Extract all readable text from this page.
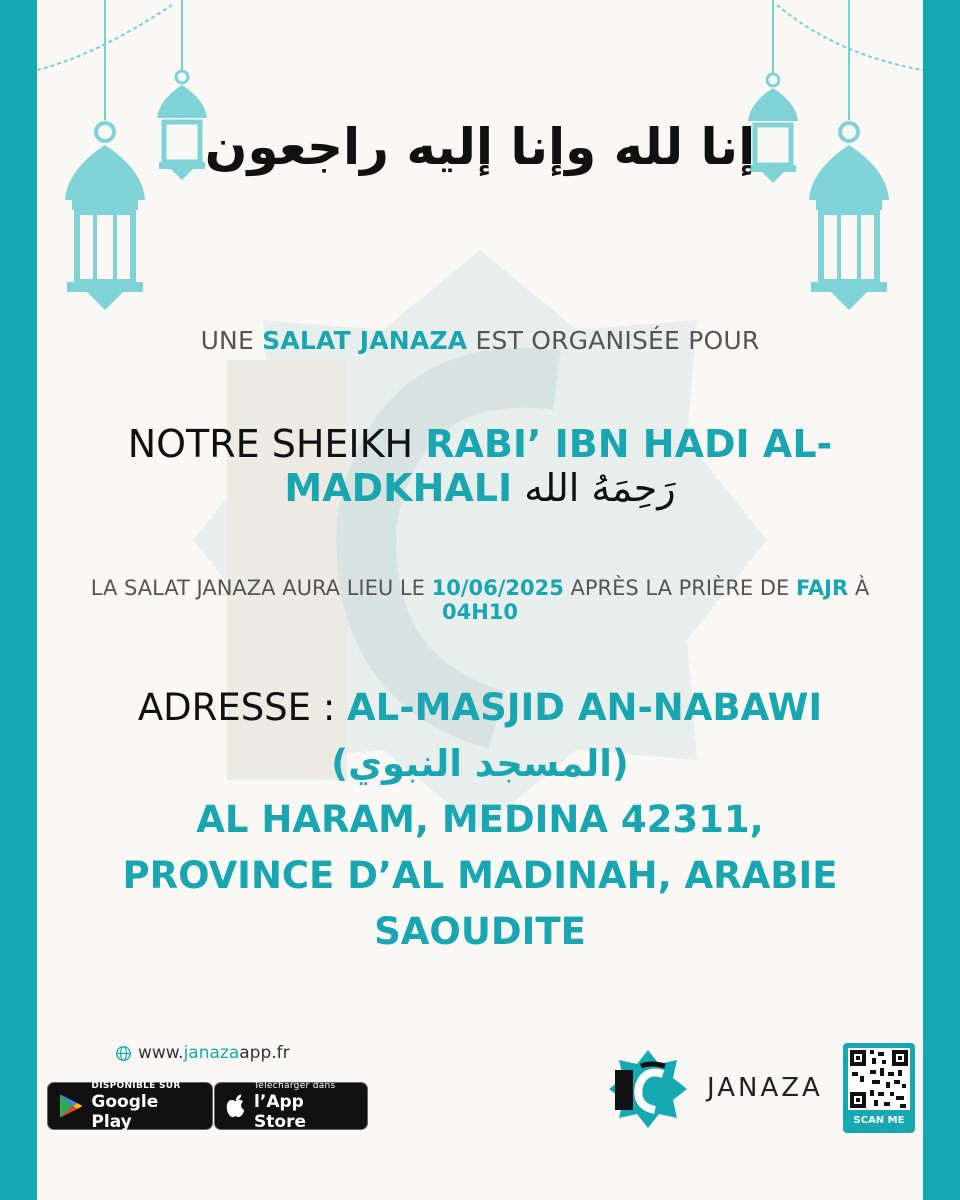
إنا لله وإنا إليه راجعون
UNE SALAT JANAZA EST ORGANISÉE POUR
NOTRE SHEIKH RABI’ IBN HADI AL-MADKHALI رَحِمَهُ الله
LA SALAT JANAZA AURA LIEU LE 10/06/2025 APRÈS LA PRIÈRE DE FAJR À 04H10
ADRESSE : AL-MASJID AN-NABAWI (المسجد النبوي)
AL HARAM, MEDINA 42311,
PROVINCE D’AL MADINAH, ARABIE SAOUDITE
www.janazaapp.fr
DISPONIBLE SUR
Google Play
Télécharger dans
l’App Store
JANAZA
SCAN ME
